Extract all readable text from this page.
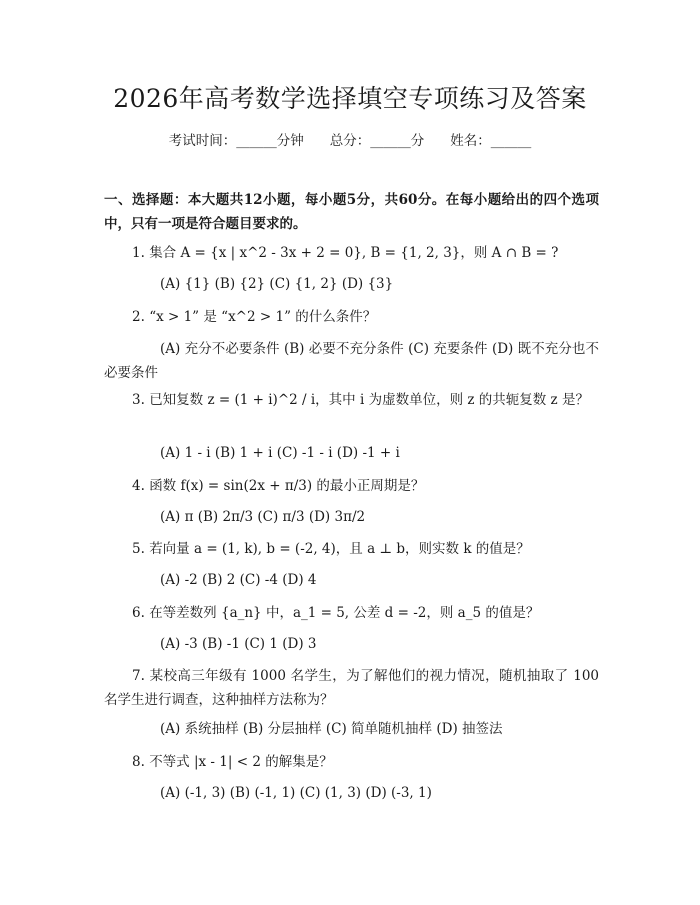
2026年高考数学选择填空专项练习及答案
考试时间：______分钟 总分：______分 姓名：______
一、选择题：本大题共12小题，每小题5分，共60分。在每小题给出的四个选项中，只有一项是符合题目要求的。
1. 集合 A = {x | x^2 - 3x + 2 = 0}, B = {1, 2, 3}，则 A ∩ B = ?
(A) {1} (B) {2} (C) {1, 2} (D) {3}
2. “x > 1” 是 “x^2 > 1” 的什么条件？
(A) 充分不必要条件 (B) 必要不充分条件 (C) 充要条件 (D) 既不充分也不必要条件
3. 已知复数 z = (1 + i)^2 / i，其中 i 为虚数单位，则 z 的共轭复数 z 是？
(A) 1 - i (B) 1 + i (C) -1 - i (D) -1 + i
4. 函数 f(x) = sin(2x + π/3) 的最小正周期是？
(A) π (B) 2π/3 (C) π/3 (D) 3π/2
5. 若向量 a = (1, k), b = (-2, 4)，且 a ⊥ b，则实数 k 的值是？
(A) -2 (B) 2 (C) -4 (D) 4
6. 在等差数列 {a_n} 中，a_1 = 5, 公差 d = -2，则 a_5 的值是？
(A) -3 (B) -1 (C) 1 (D) 3
7. 某校高三年级有 1000 名学生，为了解他们的视力情况，随机抽取了 100 名学生进行调查，这种抽样方法称为？
(A) 系统抽样 (B) 分层抽样 (C) 简单随机抽样 (D) 抽签法
8. 不等式 |x - 1| < 2 的解集是？
(A) (-1, 3) (B) (-1, 1) (C) (1, 3) (D) (-3, 1)
